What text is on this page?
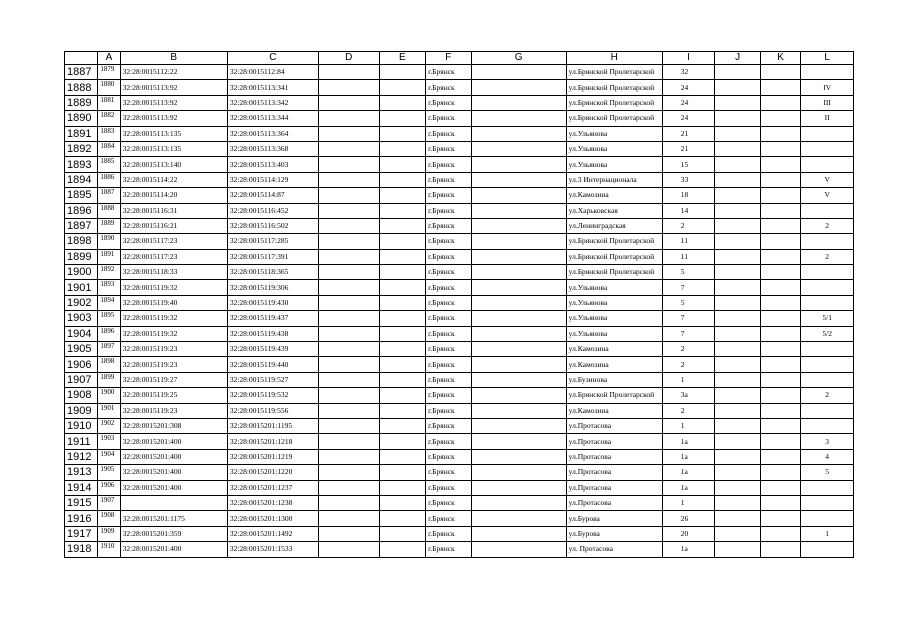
	A	B	C	D	E	F	G	H	I	J	K	L
1887	1879	32:28:0015112:22	32:28:0015112:84			г.Брянск		ул.Брянской Пролетарской	32			
1888	1880	32:28:0015113:92	32:28:0015113:341			г.Брянск		ул.Брянской Пролетарской	24			IV
1889	1881	32:28:0015113:92	32:28:0015113:342			г.Брянск		ул.Брянской Пролетарской	24			III
1890	1882	32:28:0015113:92	32:28:0015113:344			г.Брянск		ул.Брянской Пролетарской	24			II
1891	1883	32:28:0015113:135	32:28:0015113:364			г.Брянск		ул.Ульянова	21			
1892	1884	32:28:0015113:135	32:28:0015113:368			г.Брянск		ул.Ульянова	21			
1893	1885	32:28:0015113:140	32:28:0015113:403			г.Брянск		ул.Ульянова	15			
1894	1886	32:28:0015114:22	32:28:0015114:129			г.Брянск		ул.3 Интернационала	33			V
1895	1887	32:28:0015114:20	32:28:0015114:87			г.Брянск		ул.Камозина	18			V
1896	1888	32:28:0015116:31	32:28:0015116:452			г.Брянск		ул.Харьковская	14			
1897	1889	32:28:0015116:21	32:28:0015116:502			г.Брянск		ул.Ленинградская	2			2
1898	1890	32:28:0015117:23	32:28:0015117:285			г.Брянск		ул.Брянской Пролетарской	11			
1899	1891	32:28:0015117:23	32:28:0015117:391			г.Брянск		ул.Брянской Пролетарской	11			2
1900	1892	32:28:0015118:33	32:28:0015118:365			г.Брянск		ул.Брянской Пролетарской	5			
1901	1893	32:28:0015119:32	32:28:0015119:306			г.Брянск		ул.Ульянова	7			
1902	1894	32:28:0015119:40	32:28:0015119:430			г.Брянск		ул.Ульянова	5			
1903	1895	32:28:0015119:32	32:28:0015119:437			г.Брянск		ул.Ульянова	7			5/1
1904	1896	32:28:0015119:32	32:28:0015119:438			г.Брянск		ул.Ульянова	7			5/2
1905	1897	32:28:0015119:23	32:28:0015119:439			г.Брянск		ул.Камозина	2			
1906	1898	32:28:0015119:23	32:28:0015119:440			г.Брянск		ул.Камозина	2			
1907	1899	32:28:0015119:27	32:28:0015119:527			г.Брянск		ул.Бузинова	1			
1908	1900	32:28:0015119:25	32:28:0015119:532			г.Брянск		ул.Брянской Пролетарской	3а			2
1909	1901	32:28:0015119:23	32:28:0015119:556			г.Брянск		ул.Камозина	2			
1910	1902	32:28:0015201:308	32:28:0015201:1195			г.Брянск		ул.Протасова	1			
1911	1903	32:28:0015201:400	32:28:0015201:1218			г.Брянск		ул.Протасова	1а			3
1912	1904	32:28:0015201:400	32:28:0015201:1219			г.Брянск		ул.Протасова	1а			4
1913	1905	32:28:0015201:400	32:28:0015201:1220			г.Брянск		ул.Протасова	1а			5
1914	1906	32:28:0015201:400	32:28:0015201:1237			г.Брянск		ул.Протасова	1а			
1915	1907		32:28:0015201:1238			г.Брянск		ул.Протасова	1			
1916	1908	32:28:0015201:1175	32:28:0015201:1300			г.Брянск		ул.Бурова	26			
1917	1909	32:28:0015201:359	32:28:0015201:1492			г.Брянск		ул.Бурова	20			1
1918	1910	32:28:0015201:400	32:28:0015201:1533			г.Брянск		ул. Протасова	1а			
